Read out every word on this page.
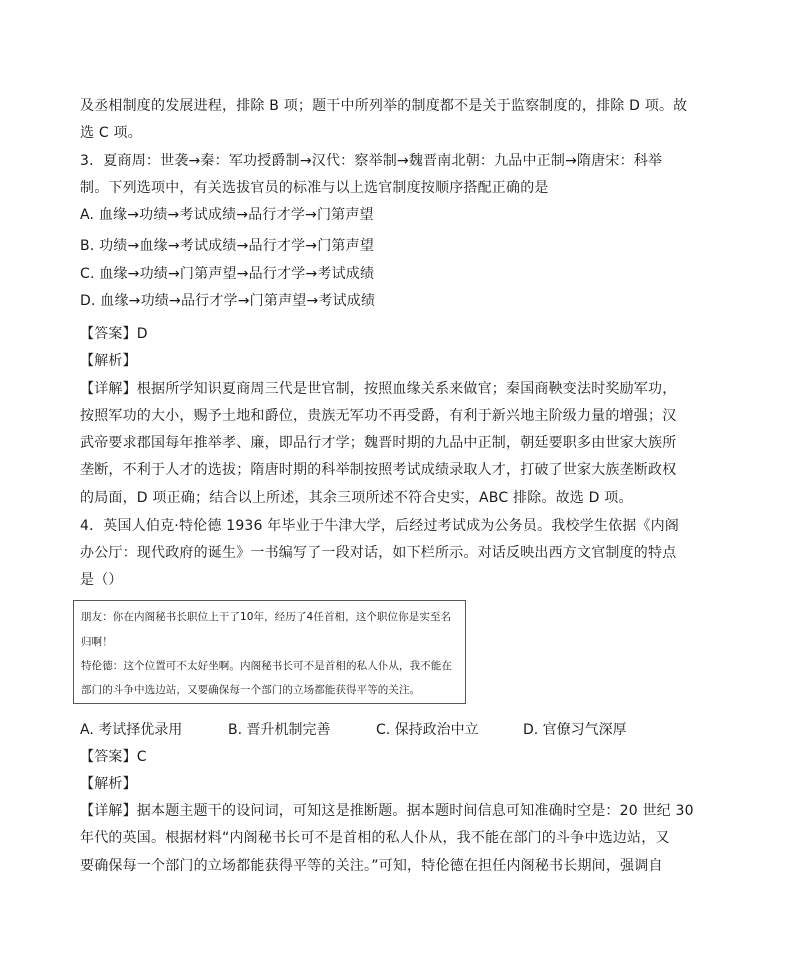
及丞相制度的发展进程，排除 B 项；题干中所列举的制度都不是关于监察制度的，排除 D 项。故
选 C 项。
3．夏商周：世袭→秦：军功授爵制→汉代：察举制→魏晋南北朝：九品中正制→隋唐宋：科举
制。下列选项中，有关选拔官员的标准与以上选官制度按顺序搭配正确的是
A. 血缘→功绩→考试成绩→品行才学→门第声望
B. 功绩→血缘→考试成绩→品行才学→门第声望
C. 血缘→功绩→门第声望→品行才学→考试成绩
D. 血缘→功绩→品行才学→门第声望→考试成绩
【答案】D
【解析】
【详解】根据所学知识夏商周三代是世官制，按照血缘关系来做官；秦国商鞅变法时奖励军功，
按照军功的大小，赐予土地和爵位，贵族无军功不再受爵，有利于新兴地主阶级力量的增强；汉
武帝要求郡国每年推举孝、廉，即品行才学；魏晋时期的九品中正制，朝廷要职多由世家大族所
垄断，不利于人才的选拔；隋唐时期的科举制按照考试成绩录取人才，打破了世家大族垄断政权
的局面，D 项正确；结合以上所述，其余三项所述不符合史实，ABC 排除。故选 D 项。
4．英国人伯克·特伦德 1936 年毕业于牛津大学，后经过考试成为公务员。我校学生依据《内阁
办公厅：现代政府的诞生》一书编写了一段对话，如下栏所示。对话反映出西方文官制度的特点
是（）
朋友：你在内阁秘书长职位上干了10年，经历了4任首相，这个职位你是实至名
归啊！
特伦德：这个位置可不太好坐啊。内阁秘书长可不是首相的私人仆从，我不能在
部门的斗争中选边站，又要确保每一个部门的立场都能获得平等的关注。
A. 考试择优录用	B. 晋升机制完善	C. 保持政治中立	D. 官僚习气深厚
【答案】C
【解析】
【详解】据本题主题干的设问词，可知这是推断题。据本题时间信息可知准确时空是：20 世纪 30
年代的英国。根据材料“内阁秘书长可不是首相的私人仆从，我不能在部门的斗争中选边站，又
要确保每一个部门的立场都能获得平等的关注。”可知，特伦德在担任内阁秘书长期间，强调自
